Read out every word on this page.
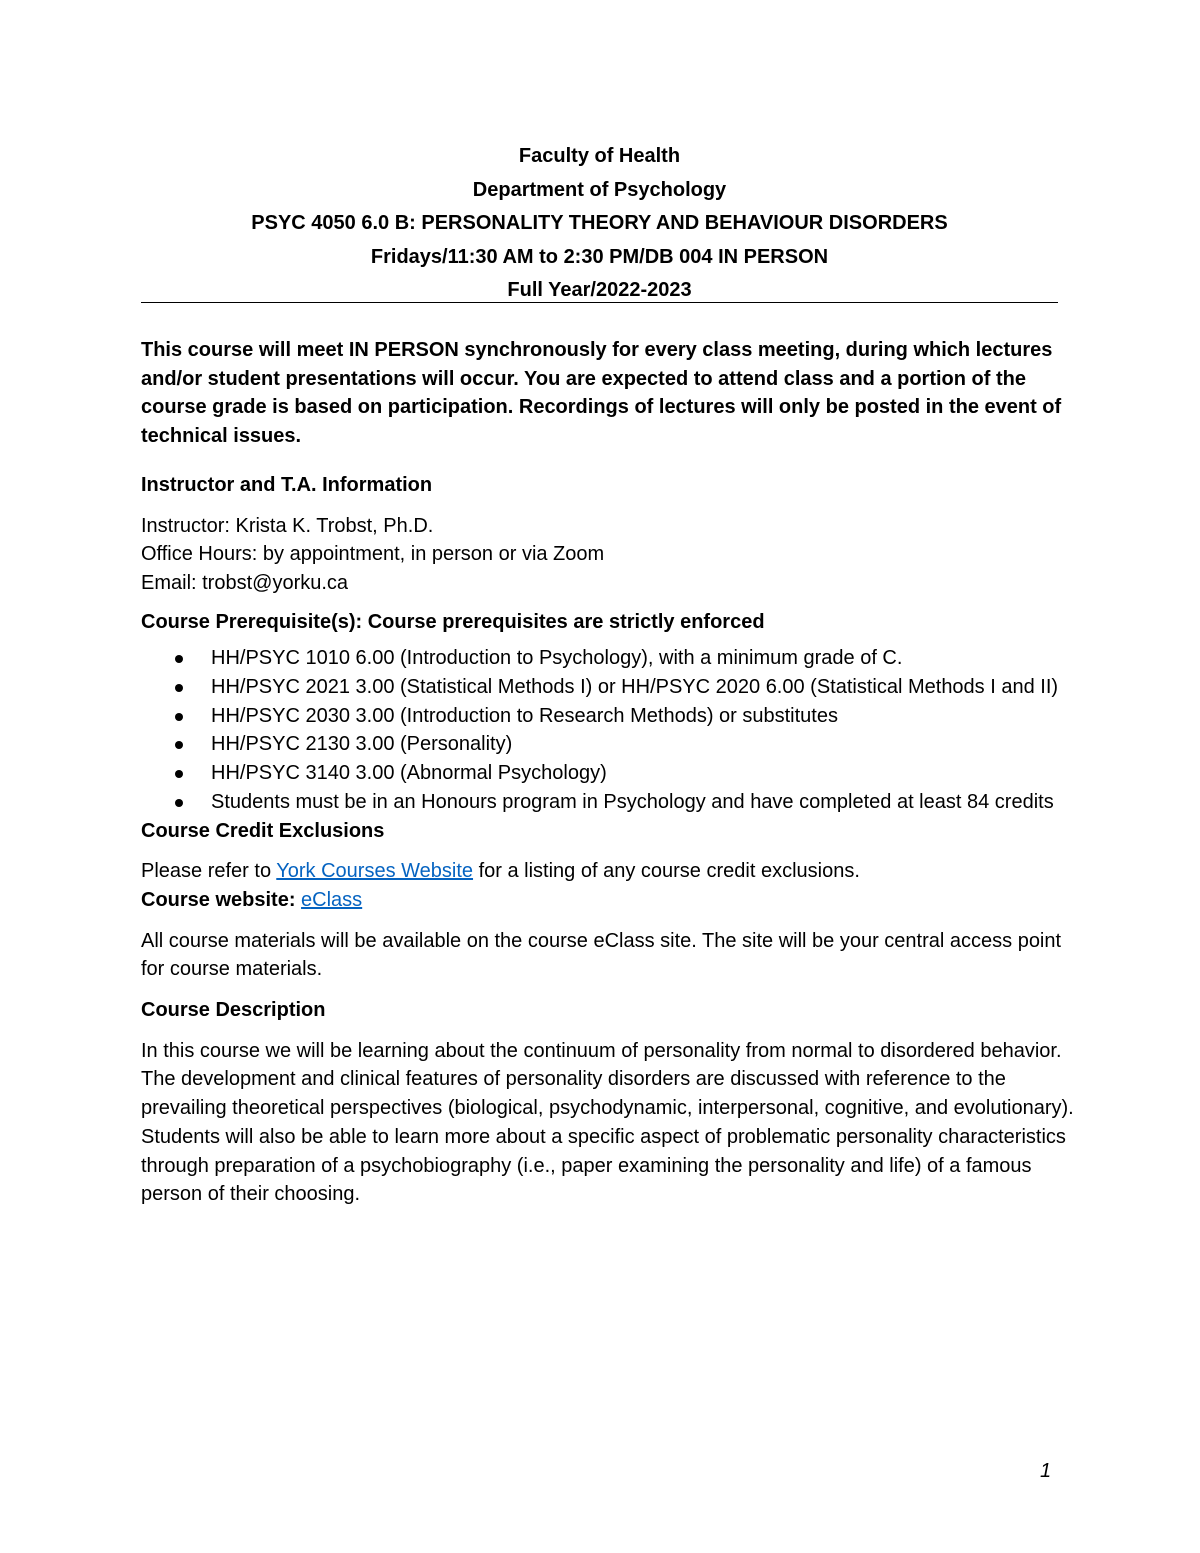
Faculty of Health
Department of Psychology
PSYC 4050 6.0 B: PERSONALITY THEORY AND BEHAVIOUR DISORDERS
Fridays/11:30 AM to 2:30 PM/DB 004 IN PERSON
Full Year/2022-2023

This course will meet IN PERSON synchronously for every class meeting, during which lectures and/or student presentations will occur. You are expected to attend class and a portion of the course grade is based on participation. Recordings of lectures will only be posted in the event of technical issues.

Instructor and T.A. Information

Instructor: Krista K. Trobst, Ph.D.

Office Hours: by appointment, in person or via Zoom

Email: trobst@yorku.ca

Course Prerequisite(s): Course prerequisites are strictly enforced

HH/PSYC 1010 6.00 (Introduction to Psychology), with a minimum grade of C.
HH/PSYC 2021 3.00 (Statistical Methods I) or HH/PSYC 2020 6.00 (Statistical Methods I and II)
HH/PSYC 2030 3.00 (Introduction to Research Methods) or substitutes
HH/PSYC 2130 3.00 (Personality)
HH/PSYC 3140 3.00 (Abnormal Psychology)
Students must be in an Honours program in Psychology and have completed at least 84 credits

Course Credit Exclusions

Please refer to York Courses Website for a listing of any course credit exclusions.

Course website: eClass

All course materials will be available on the course eClass site. The site will be your central access point for course materials.

Course Description

In this course we will be learning about the continuum of personality from normal to disordered behavior. The development and clinical features of personality disorders are discussed with reference to the prevailing theoretical perspectives (biological, psychodynamic, interpersonal, cognitive, and evolutionary). Students will also be able to learn more about a specific aspect of problematic personality characteristics through preparation of a psychobiography (i.e., paper examining the personality and life) of a famous person of their choosing.

1
